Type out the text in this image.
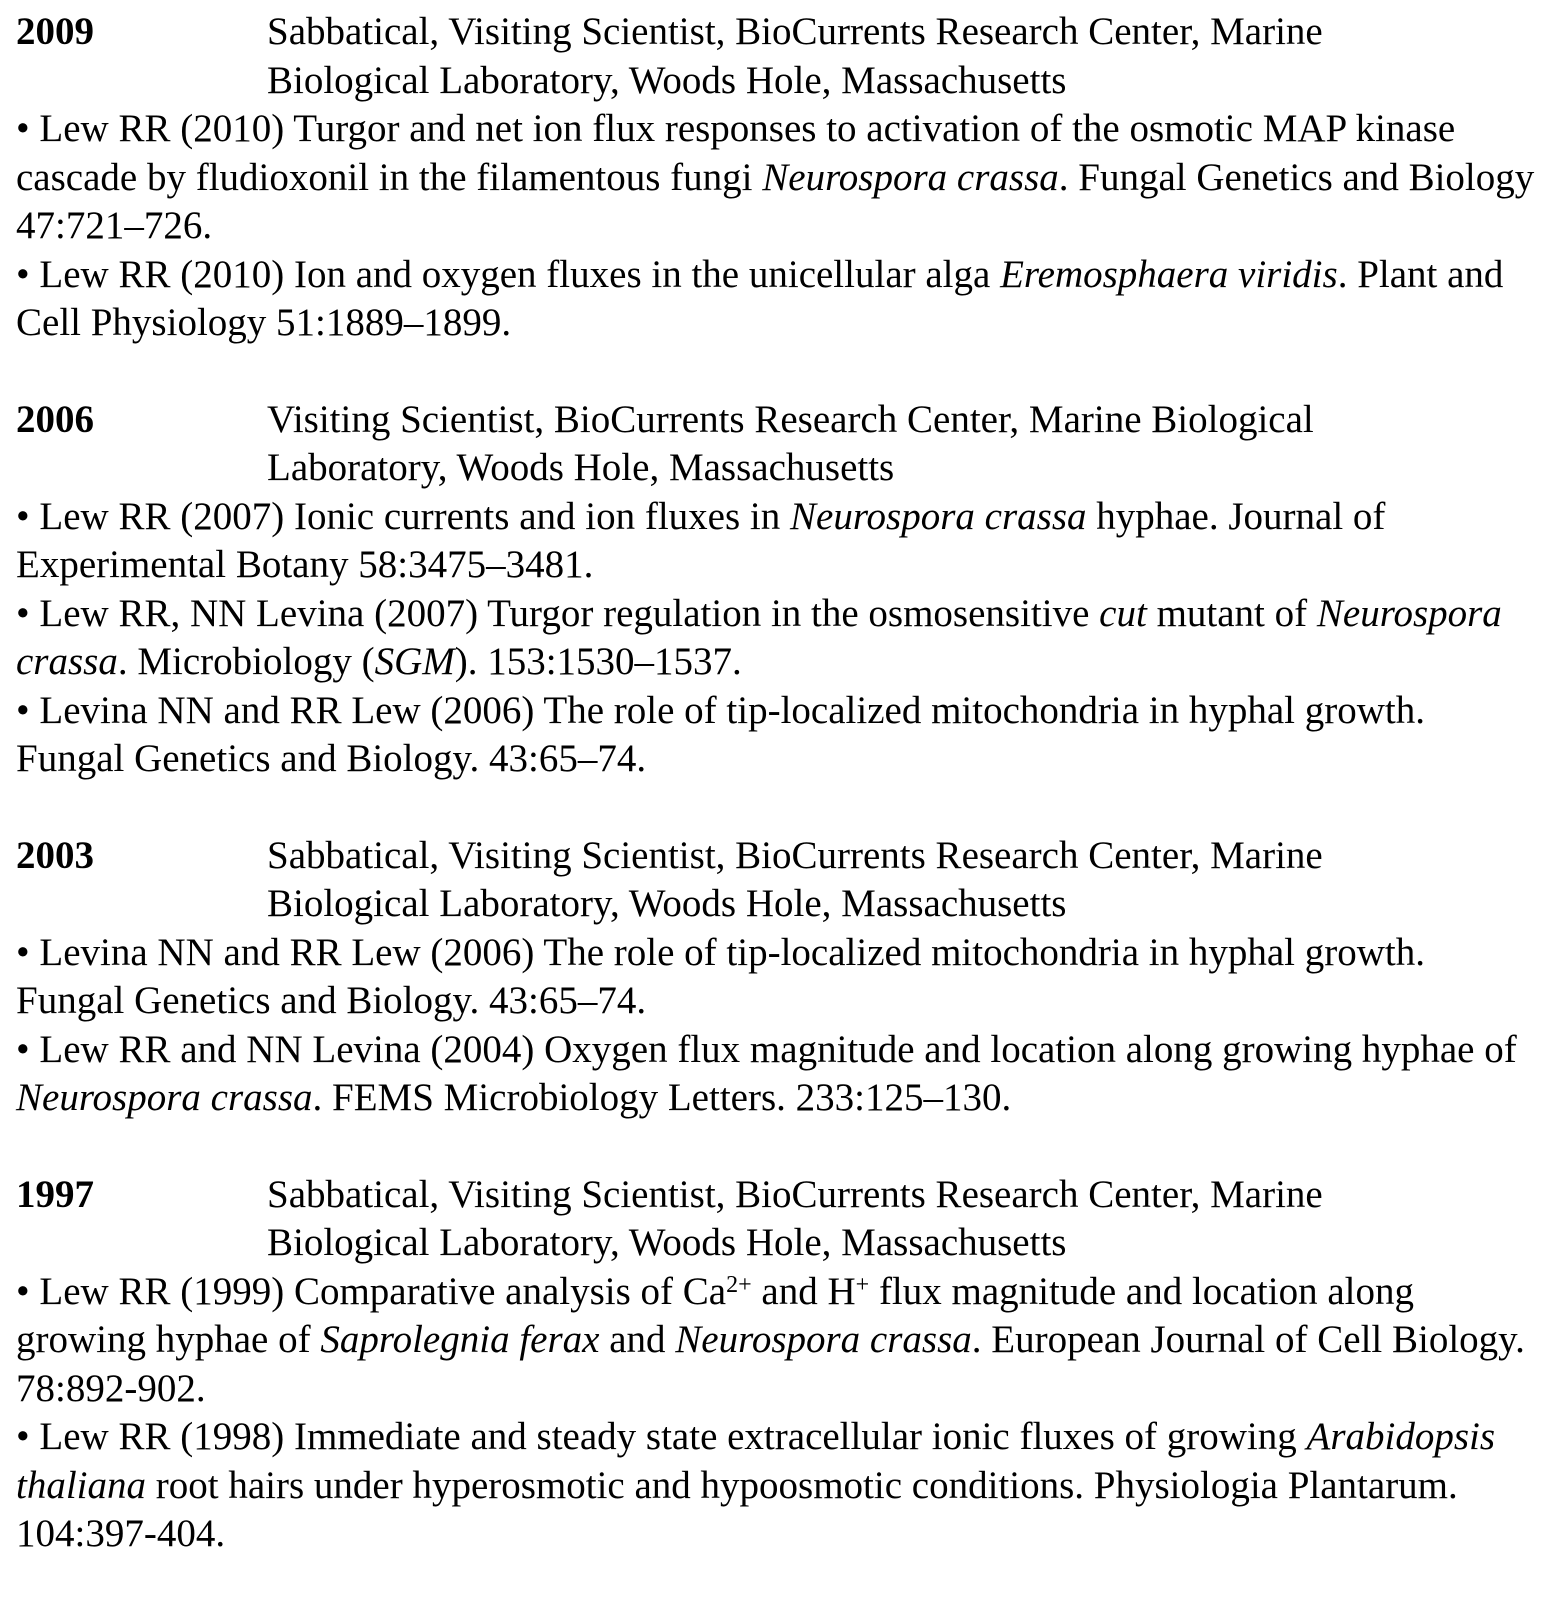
2009	Sabbatical, Visiting Scientist, BioCurrents Research Center, Marine
Biological Laboratory, Woods Hole, Massachusetts

• Lew RR (2010) Turgor and net ion flux responses to activation of the osmotic MAP kinase cascade by fludioxonil in the filamentous fungi Neurospora crassa. Fungal Genetics and Biology 47:721–726.

• Lew RR (2010) Ion and oxygen fluxes in the unicellular alga Eremosphaera viridis. Plant and Cell Physiology 51:1889–1899.

2006	Visiting Scientist, BioCurrents Research Center, Marine Biological
Laboratory, Woods Hole, Massachusetts

• Lew RR (2007) Ionic currents and ion fluxes in Neurospora crassa hyphae. Journal of Experimental Botany 58:3475–3481.

• Lew RR, NN Levina (2007) Turgor regulation in the osmosensitive cut mutant of Neurospora crassa. Microbiology (SGM). 153:1530–1537.

• Levina NN and RR Lew (2006) The role of tip-localized mitochondria in hyphal growth. Fungal Genetics and Biology. 43:65–74.

2003	Sabbatical, Visiting Scientist, BioCurrents Research Center, Marine
Biological Laboratory, Woods Hole, Massachusetts

• Levina NN and RR Lew (2006) The role of tip-localized mitochondria in hyphal growth. Fungal Genetics and Biology. 43:65–74.

• Lew RR and NN Levina (2004) Oxygen flux magnitude and location along growing hyphae of Neurospora crassa. FEMS Microbiology Letters. 233:125–130.

1997	Sabbatical, Visiting Scientist, BioCurrents Research Center, Marine
Biological Laboratory, Woods Hole, Massachusetts

• Lew RR (1999) Comparative analysis of $Ca^{2+}$ and H+ flux magnitude and location along growing hyphae of Saprolegnia ferax and Neurospora crassa. European Journal of Cell Biology. 78:892-902.

• Lew RR (1998) Immediate and steady state extracellular ionic fluxes of growing Arabidopsis thaliana root hairs under hyperosmotic and hypoosmotic conditions. Physiologia Plantarum. 104:397-404.
